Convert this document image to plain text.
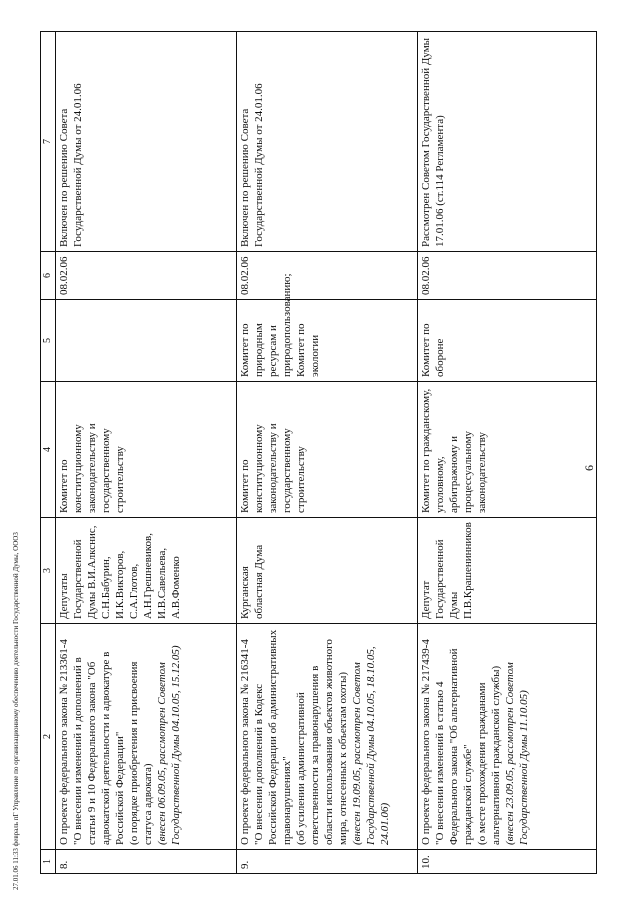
6
1	2	3	4	5	6	7
8.	О проекте федерального закона № 213361-4 "О внесении изменений и дополнений в статьи 9 и 10 Федерального закона "Об адвокатской деятельности и адвокатуре в Российской Федерации" (о порядке приобретения и присвоения статуса адвоката) (внесен 06.09.05, рассмотрен Советом Государственной Думы 04.10.05, 15.12.05)	Депутаты Государственной Думы В.И.Алкснис, С.Н.Бабурин, И.К.Викторов, С.А.Глотов, А.Н.Грешневиков, И.В.Савельева, А.В.Фоменко	Комитет по конституционному законодательству и государственному строительству		08.02.06	Включен по решению Совета Государственной Думы от 24.01.06
9.	О проекте федерального закона № 216341-4 "О внесении дополнений в Кодекс Российской Федерации об административных правонарушениях" (об усилении административной ответственности за правонарушения в области использования объектов животного мира, отнесенных к объектам охоты) (внесен 19.09.05, рассмотрен Советом Государственной Думы 04.10.05, 18.10.05, 24.01.06)	Курганская областная Дума	Комитет по конституционному законодательству и государственному строительству	Комитет по природным ресурсам и природопользованию; Комитет по экологии	08.02.06	Включен по решению Совета Государственной Думы от 24.01.06
10.	О проекте федерального закона № 217439-4 "О внесении изменений в статью 4 Федерального закона "Об альтернативной гражданской службе" (о месте прохождения гражданами альтернативной гражданской службы) (внесен 23.09.05, рассмотрен Советом Государственной Думы 11.10.05)	Депутат Государственной Думы П.В.Крашенинников	Комитет по гражданскому, уголовному, арбитражному и процессуальному законодательству	Комитет по обороне	08.02.06	Рассмотрен Советом Государственной Думы 17.01.06 (ст.114 Регламента)
27.01.06 11:33 февраль пГ Управление по организационному обеспечению деятельности Государственной Думы, ООО3
